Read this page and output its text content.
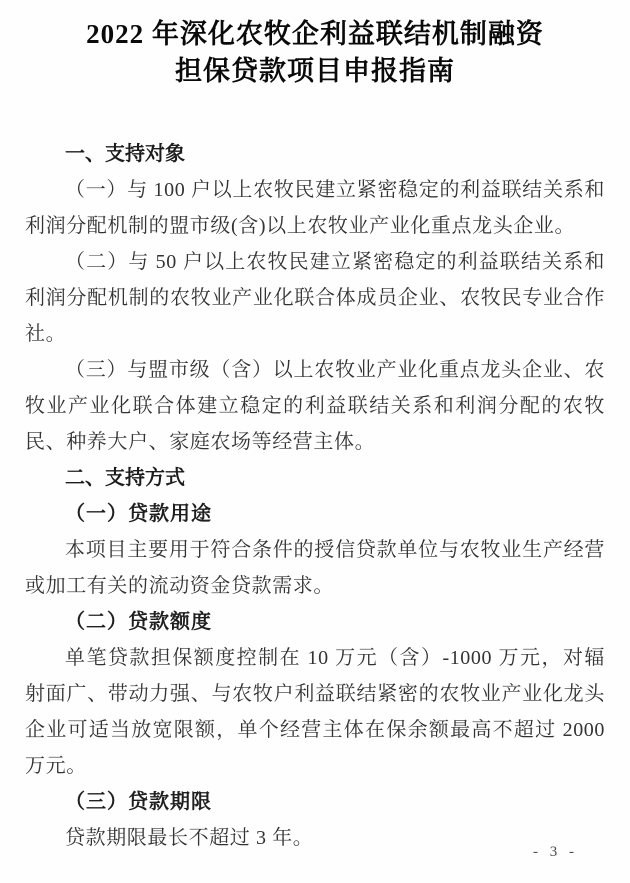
2022 年深化农牧企利益联结机制融资
担保贷款项目申报指南
一、支持对象

（一）与 100 户以上农牧民建立紧密稳定的利益联结关系和利润分配机制的盟市级(含)以上农牧业产业化重点龙头企业。

（二）与 50 户以上农牧民建立紧密稳定的利益联结关系和利润分配机制的农牧业产业化联合体成员企业、农牧民专业合作社。

（三）与盟市级（含）以上农牧业产业化重点龙头企业、农牧业产业化联合体建立稳定的利益联结关系和利润分配的农牧民、种养大户、家庭农场等经营主体。

二、支持方式
（一）贷款用途

本项目主要用于符合条件的授信贷款单位与农牧业生产经营或加工有关的流动资金贷款需求。

（二）贷款额度

单笔贷款担保额度控制在 10 万元（含）-1000 万元，对辐射面广、带动力强、与农牧户利益联结紧密的农牧业产业化龙头企业可适当放宽限额，单个经营主体在保余额最高不超过 2000 万元。

（三）贷款期限

贷款期限最长不超过 3 年。

- 3 -
